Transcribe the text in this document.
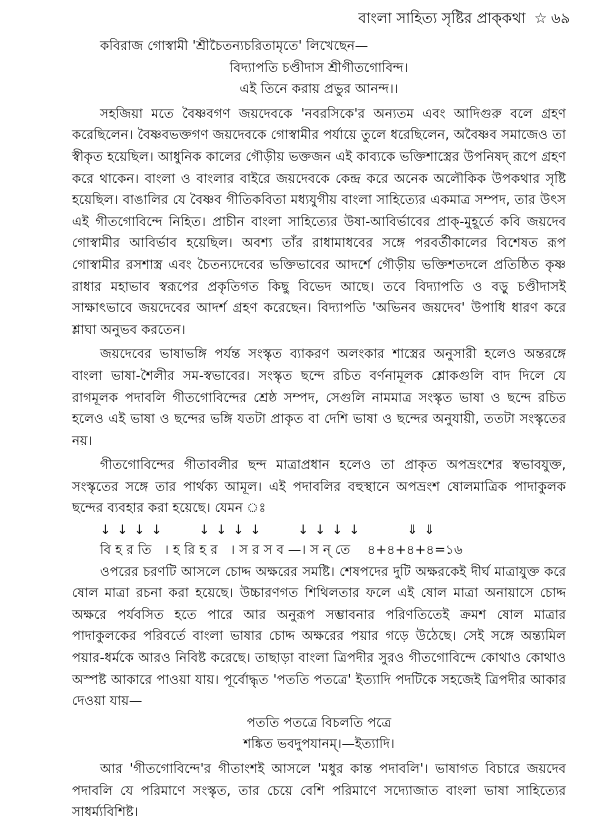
বাংলা সাহিত্য সৃষ্টির প্রাক্‌কথা ☆ ৬৯

কবিরাজ গোস্বামী 'শ্রীচৈতন্যচরিতামৃতে' লিখেছেন—

বিদ্যাপতি চণ্ডীদাস শ্রীগীতগোবিন্দ।

এই তিনে করায় প্রভুর আনন্দ।।

সহজিয়া মতে বৈষ্ণবগণ জয়দেবকে 'নবরসিকে'র অন্যতম এবং আদিগুরু বলে গ্রহণ করেছিলেন। বৈষ্ণবভক্তগণ জয়দেবকে গোস্বামীর পর্যায়ে তুলে ধরেছিলেন, অবৈষ্ণব সমাজেও তা স্বীকৃত হয়েছিল। আধুনিক কালের গৌড়ীয় ভক্তজন এই কাব্যকে ভক্তিশাস্ত্রের উপনিষদ্‌ রূপে গ্রহণ করে থাকেন। বাংলা ও বাংলার বাইরে জয়দেবকে কেন্দ্র করে অনেক অলৌকিক উপকথার সৃষ্টি হয়েছিল। বাঙালির যে বৈষ্ণব গীতিকবিতা মধ্যযুগীয় বাংলা সাহিত্যের একমাত্র সম্পদ, তার উৎস এই গীতগোবিন্দে নিহিত। প্রাচীন বাংলা সাহিত্যের উষা-আবির্ভাবের প্রাক্‌-মুহূর্তে কবি জয়দেব গোস্বামীর আবির্ভাব হয়েছিল। অবশ্য তাঁর রাধামাধবের সঙ্গে পরবর্তীকালের বিশেষত রূপ গোস্বামীর রসশাস্ত্র এবং চৈতন্যদেবের ভক্তিভাবের আদর্শে গৌড়ীয় ভক্তিশতদলে প্রতিষ্ঠিত কৃষ্ণ রাধার মহাভাব স্বরূপের প্রকৃতিগত কিছু বিভেদ আছে। তবে বিদ্যাপতি ও বড়ু চণ্ডীদাসই সাক্ষাৎভাবে জয়দেবের আদর্শ গ্রহণ করেছেন। বিদ্যাপতি 'অভিনব জয়দেব' উপাধি ধারণ করে শ্লাঘা অনুভব করতেন।

জয়দেবের ভাষাভঙ্গি পর্যন্ত সংস্কৃত ব্যাকরণ অলংকার শাস্ত্রের অনুসারী হলেও অন্তরঙ্গে বাংলা ভাষা-শৈলীর সম-স্বভাবের। সংস্কৃত ছন্দে রচিত বর্ণনামূলক শ্লোকগুলি বাদ দিলে যে রাগমূলক পদাবলি গীতগোবিন্দের শ্রেষ্ঠ সম্পদ, সেগুলি নামমাত্র সংস্কৃত ভাষা ও ছন্দে রচিত হলেও এই ভাষা ও ছন্দের ভঙ্গি যতটা প্রাকৃত বা দেশি ভাষা ও ছন্দের অনুযায়ী, ততটা সংস্কৃতের নয়।

গীতগোবিন্দের গীতাবলীর ছন্দ মাত্রাপ্রধান হলেও তা প্রাকৃত অপভ্রংশের স্বভাবযুক্ত, সংস্কৃতের সঙ্গে তার পার্থক্য আমূল। এই পদাবলির বহুস্থানে অপভ্রংশ ষোলমাত্রিক পাদাকুলক ছন্দের ব্যবহার করা হয়েছে। যেমন ঃ

↓ ↓ ↓ ↓       ↓ ↓ ↓ ↓       ↓ ↓ ↓ ↓         ⇓ ⇓

বি হ র তি   । হ রি হ র   । স র স ব —। স ন্‌ তে    ৪+৪+৪+৪=১৬

ওপরের চরণটি আসলে চোদ্দ অক্ষরের সমষ্টি। শেষপদের দুটি অক্ষরকেই দীর্ঘ মাত্রাযুক্ত করে ষোল মাত্রা রচনা করা হয়েছে। উচ্চারণগত শিথিলতার ফলে এই ষোল মাত্রা অনায়াসে চোদ্দ অক্ষরে পর্যবসিত হতে পারে আর অনুরূপ সম্ভাবনার পরিণতিতেই ক্রমশ ষোল মাত্রার পাদাকুলকের পরিবর্তে বাংলা ভাষার চোদ্দ অক্ষরের পয়ার গড়ে উঠেছে। সেই সঙ্গে অন্ত্যমিল পয়ার-ধর্মকে আরও নিবিষ্ট করেছে। তাছাড়া বাংলা ত্রিপদীর সুরও গীতগোবিন্দে কোথাও কোথাও অস্পষ্ট আকারে পাওয়া যায়। পূর্বোদ্ধৃত 'পততি পতত্রে' ইত্যাদি পদটিকে সহজেই ত্রিপদীর আকার দেওয়া যায়—

পততি পতত্রে বিচলতি পত্রে

শঙ্কিত ভবদুপযানম্‌।—ইত্যাদি।

আর 'গীতগোবিন্দে'র গীতাংশই আসলে 'মধুর কান্ত পদাবলি'। ভাষাগত বিচারে জয়দেব পদাবলি যে পরিমাণে সংস্কৃত, তার চেয়ে বেশি পরিমাণে সদ্যোজাত বাংলা ভাষা সাহিত্যের সাধর্ম্যবিশিষ্ট।
